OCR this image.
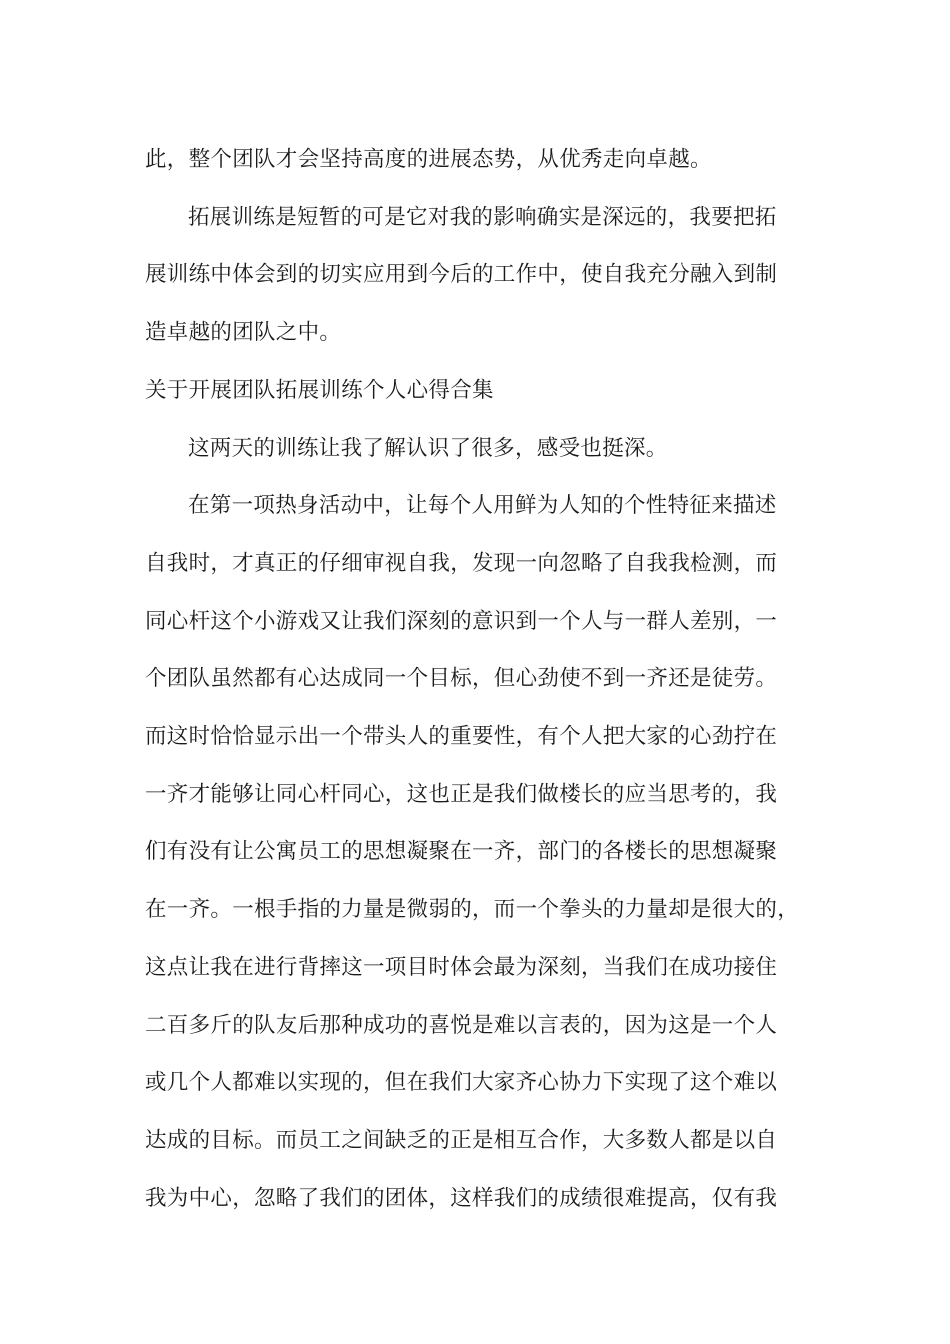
此，整个团队才会坚持高度的进展态势，从优秀走向卓越。
拓展训练是短暂的可是它对我的影响确实是深远的，我要把拓
展训练中体会到的切实应用到今后的工作中，使自我充分融入到制
造卓越的团队之中。
关于开展团队拓展训练个人心得合集
这两天的训练让我了解认识了很多，感受也挺深。
在第一项热身活动中，让每个人用鲜为人知的个性特征来描述
自我时，才真正的仔细审视自我，发现一向忽略了自我我检测，而
同心杆这个小游戏又让我们深刻的意识到一个人与一群人差别，一
个团队虽然都有心达成同一个目标，但心劲使不到一齐还是徒劳。
而这时恰恰显示出一个带头人的重要性，有个人把大家的心劲拧在
一齐才能够让同心杆同心，这也正是我们做楼长的应当思考的，我
们有没有让公寓员工的思想凝聚在一齐，部门的各楼长的思想凝聚
在一齐。一根手指的力量是微弱的，而一个拳头的力量却是很大的，
这点让我在进行背摔这一项目时体会最为深刻，当我们在成功接住
二百多斤的队友后那种成功的喜悦是难以言表的，因为这是一个人
或几个人都难以实现的，但在我们大家齐心协力下实现了这个难以
达成的目标。而员工之间缺乏的正是相互合作，大多数人都是以自
我为中心，忽略了我们的团体，这样我们的成绩很难提高，仅有我
